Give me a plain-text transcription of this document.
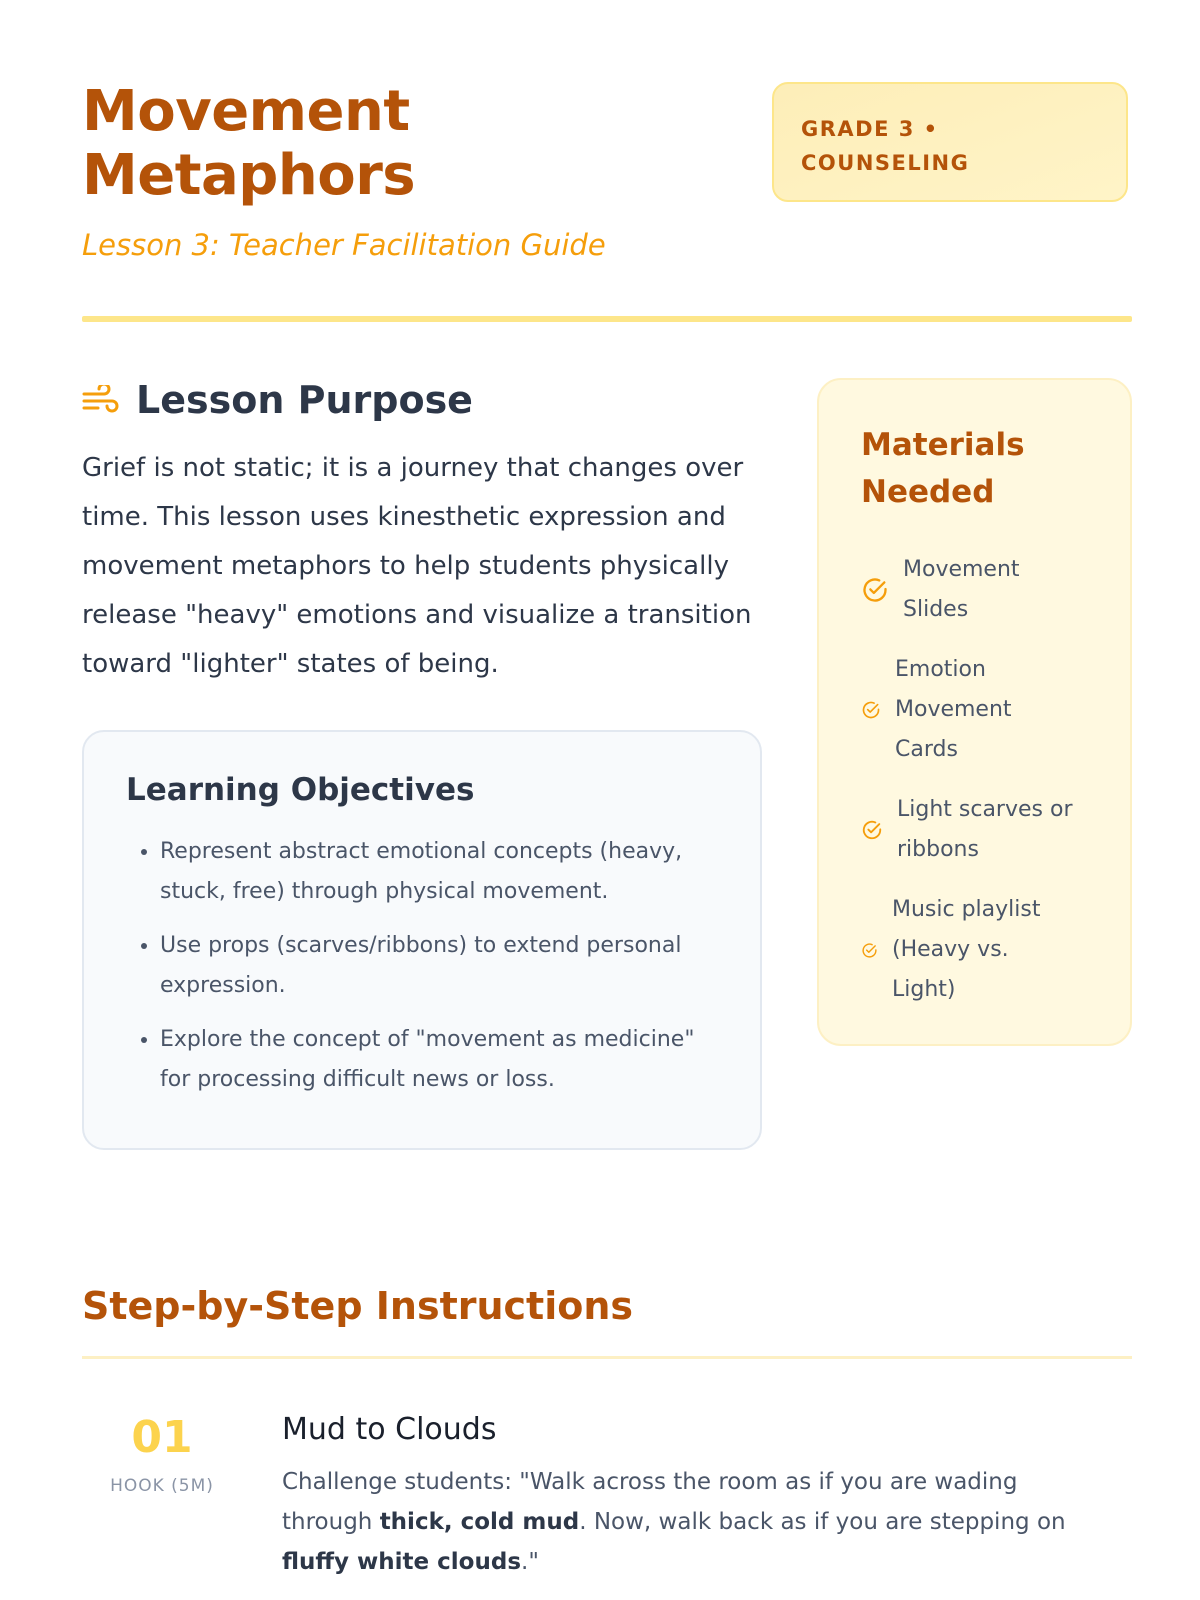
Movement
Metaphors
Lesson 3: Teacher Facilitation Guide
GRADE 3 •
COUNSELING
Lesson Purpose

Grief is not static; it is a journey that changes over time. This lesson uses kinesthetic expression and movement metaphors to help students physically release "heavy" emotions and visualize a transition toward "lighter" states of being.

Learning Objectives
• Represent abstract emotional concepts (heavy, stuck, free) through physical movement.
• Use props (scarves/ribbons) to extend personal expression.
• Explore the concept of "movement as medicine" for processing difficult news or loss.
Materials Needed
Movement Slides
Emotion Movement Cards
Light scarves or ribbons
Music playlist (Heavy vs. Light)
Step-by-Step Instructions
01
HOOK (5M)
Mud to Clouds

Challenge students: "Walk across the room as if you are wading through thick, cold mud. Now, walk back as if you are stepping on fluffy white clouds."
